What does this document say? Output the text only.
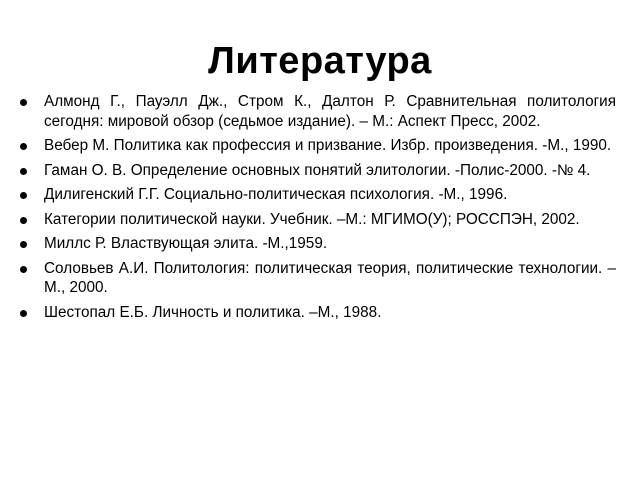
Литература
Алмонд Г., Пауэлл Дж., Стром К., Далтон Р. Сравнительная политология сегодня: мировой обзор (седьмое издание). – М.: Аспект Пресс, 2002.
Вебер М. Политика как профессия и призвание. Избр. произведения. -М., 1990.
Гаман О. В. Определение основных понятий элитологии. -Полис-2000. -№ 4.
Дилигенский Г.Г. Социально-политическая психология. -М., 1996.
Категории политической науки. Учебник. –М.: МГИМО(У); РОССПЭН, 2002.
Миллс Р. Властвующая элита. -М.,1959.
Соловьев А.И. Политология: политическая теория, политические технологии. –М., 2000.
Шестопал Е.Б. Личность и политика. –М., 1988.
